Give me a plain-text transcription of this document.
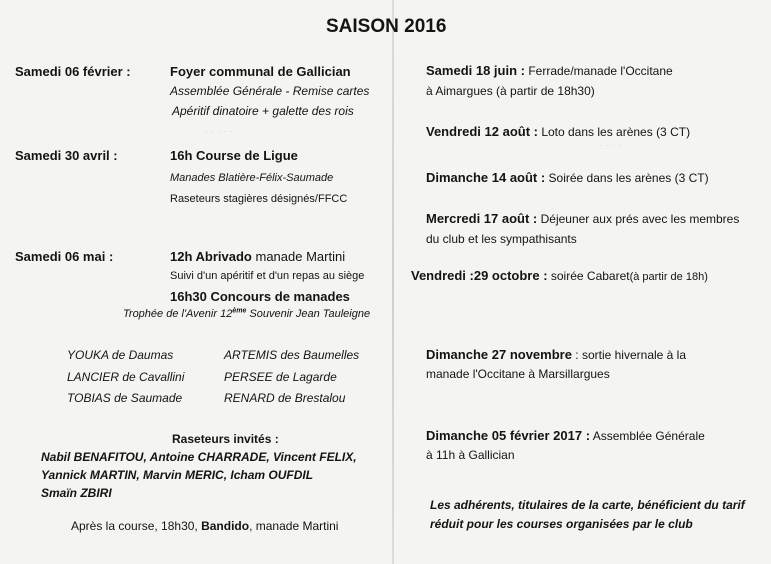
· · · · ·
· · · ·
SAISON 2016
Samedi 06 février :	Foyer communal de Gallician
Assemblée Générale - Remise cartes
Apéritif dinatoire + galette des rois
Samedi 30 avril :	16h Course de Ligue
Manades Blatière-Félix-Saumade
Raseteurs stagières désignés/FFCC
Samedi 06 mai :	12h Abrivado manade Martini
Suivi d'un apéritif et d'un repas au siège
16h30 Concours de manades
Trophée de l'Avenir 12ème Souvenir Jean Tauleigne
YOUKA de Daumas	ARTEMIS des Baumelles
LANCIER de Cavallini	PERSEE de Lagarde
TOBIAS de Saumade	RENARD de Brestalou
Raseteurs invités :
Nabil BENAFITOU, Antoine CHARRADE, Vincent FELIX,
Yannick MARTIN, Marvin MERIC, Icham OUFDIL
Smaïn ZBIRI
Après la course, 18h30, Bandido, manade Martini
Samedi 18 juin : Ferrade/manade l'Occitane
à Aimargues (à partir de 18h30)
Vendredi 12 août : Loto dans les arènes (3 CT)
Dimanche 14 août : Soirée dans les arènes (3 CT)
Mercredi 17 août : Déjeuner aux prés avec les membres
du club et les sympathisants
Vendredi :29 octobre : soirée Cabaret(à partir de 18h)
Dimanche 27 novembre : sortie hivernale à la
manade l'Occitane à Marsillargues
Dimanche 05 février 2017 : Assemblée Générale
à 11h à Gallician
Les adhérents, titulaires de la carte, bénéficient du tarif
réduit pour les courses organisées par le club
